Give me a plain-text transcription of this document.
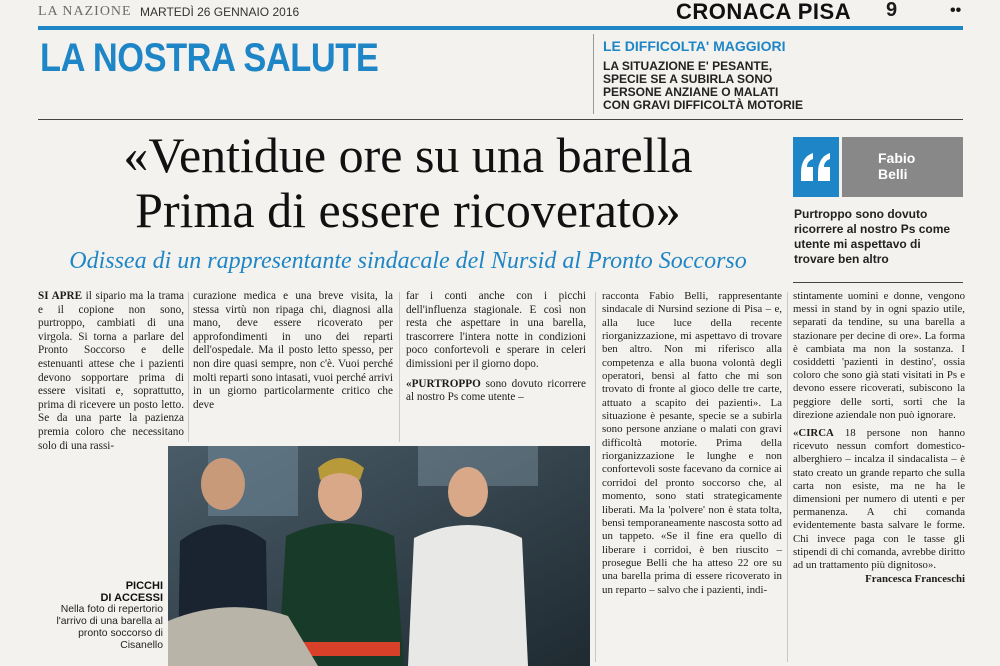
LA NAZIONE MARTEDÌ 26 GENNAIO 2016	CRONACA PISA 9	••
LA NOSTRA SALUTE	LE DIFFICOLTA' MAGGIORI
LA SITUAZIONE E' PESANTE, SPECIE SE A SUBIRLA SONO PERSONE ANZIANE O MALATI CON GRAVI DIFFICOLTÀ MOTORIE
«Ventidue ore su una barella
Prima di essere ricoverato»
Odissea di un rappresentante sindacale del Nursid al Pronto Soccorso
Fabio
Belli
Purtroppo sono dovuto ricorrere al nostro Ps come utente mi aspettavo di trovare ben altro
SI APRE il sipario ma la trama e il copione non sono, purtroppo, cambiati di una virgola. Si torna a parlare del Pronto Soccorso e delle estenuanti attese che i pazienti devono sopportare prima di essere visitati e, soprattutto, prima di ricevere un posto letto. Se da una parte la pazienza premia coloro che necessitano solo di una rassi-
curazione medica e una breve visita, la stessa virtù non ripaga chi, diagnosi alla mano, deve essere ricoverato per approfondimenti in uno dei reparti dell'ospedale. Ma il posto letto spesso, per non dire quasi sempre, non c'è. Vuoi perché molti reparti sono intasati, vuoi perché arrivi in un giorno particolarmente critico che deve
far i conti anche con i picchi dell'influenza stagionale. E così non resta che aspettare in una barella, trascorrere l'intera notte in condizioni poco confortevoli e sperare in celeri dimissioni per il giorno dopo.
«PURTROPPO sono dovuto ricorrere al nostro Ps come utente –
racconta Fabio Belli, rappresentante sindacale di Nursind sezione di Pisa – e, alla luce luce della recente riorganizzazione, mi aspettavo di trovare ben altro. Non mi riferisco alla competenza e alla buona volontà degli operatori, bensì al fatto che mi son trovato di fronte al gioco delle tre carte, attuato a scapito dei pazienti». La situazione è pesante, specie se a subirla sono persone anziane o malati con gravi difficoltà motorie. Prima della riorganizzazione le lunghe e non confortevoli soste facevano da cornice ai corridoi del pronto soccorso che, al momento, sono stati strategicamente liberati. Ma la 'polvere' non è stata tolta, bensì temporaneamente nascosta sotto ad un tappeto. «Se il fine era quello di liberare i corridoi, è ben riuscito – prosegue Belli che ha atteso 22 ore su una barella prima di essere ricoverato in un reparto – salvo che i pazienti, indi-
stintamente uomini e donne, vengono messi in stand by in ogni spazio utile, separati da tendine, su una barella a stazionare per decine di ore». La forma è cambiata ma non la sostanza. I cosiddetti 'pazienti in destino', ossia coloro che sono già stati visitati in Ps e devono essere ricoverati, subiscono la peggiore delle sorti, sorti che la direzione aziendale non può ignorare.
«CIRCA 18 persone non hanno ricevuto nessun comfort domestico-alberghiero – incalza il sindacalista – è stato creato un grande reparto che sulla carta non esiste, ma ne ha le dimensioni per numero di utenti e per permanenza. A chi comanda evidentemente basta salvare le forme. Chi invece paga con le tasse gli stipendi di chi comanda, avrebbe diritto ad un trattamento più dignitoso».
Francesca Franceschi
PICCHI
DI ACCESSI
Nella foto di repertorio l'arrivo di una barella al pronto soccorso di Cisanello
